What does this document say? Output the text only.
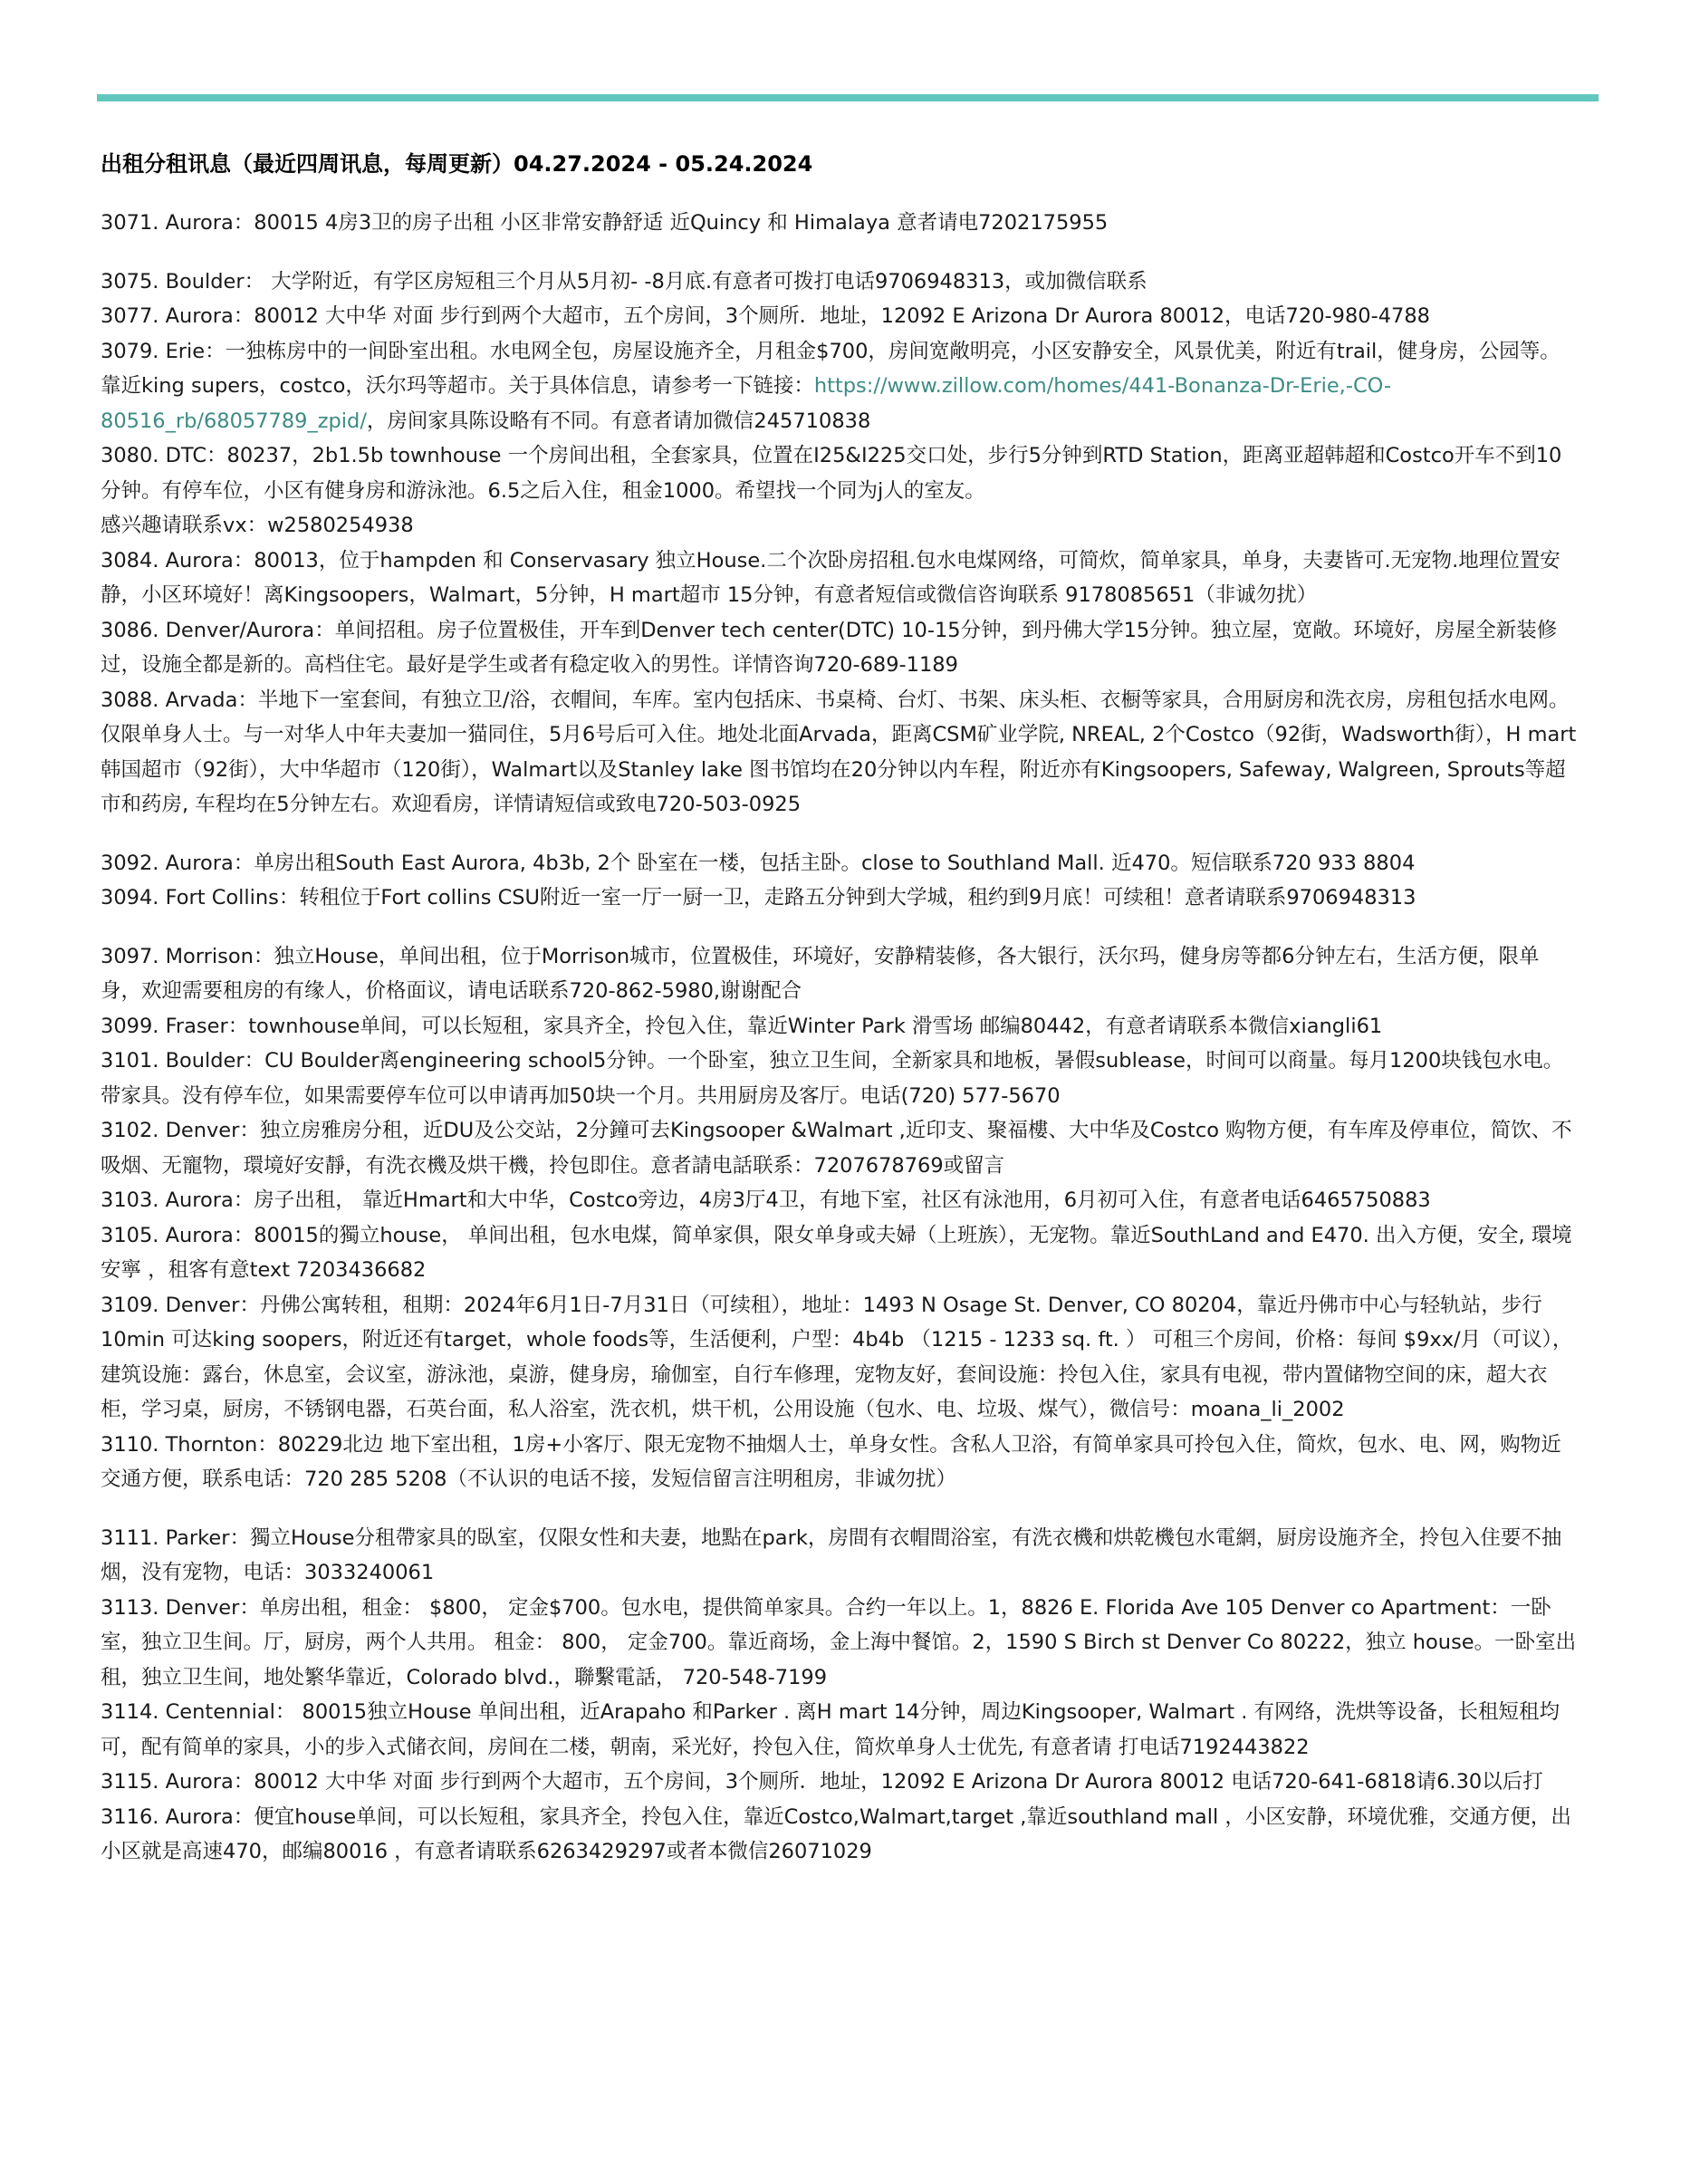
出租分租讯息（最近四周讯息，每周更新）04.27.2024 - 05.24.2024

3071. Aurora：80015 4房3卫的房子出租 小区非常安静舒适 近Quincy 和 Himalaya 意者请电7202175955

3075. Boulder： 大学附近，有学区房短租三个月从5月初- -8月底.有意者可拨打电话9706948313，或加微信联系

3077. Aurora：80012 大中华 对面 步行到两个大超市，五个房间，3个厕所．地址，12092 E Arizona Dr Aurora 80012，电话720-980-4788

3079. Erie：一独栋房中的一间卧室出租。水电网全包，房屋设施齐全，月租金$700，房间宽敞明亮，小区安静安全，风景优美，附近有trail，健身房，公园等。靠近king supers，costco，沃尔玛等超市。关于具体信息，请参考一下链接：https://www.zillow.com/homes/441-Bonanza-Dr-Erie,-CO-80516_rb/68057789_zpid/，房间家具陈设略有不同。有意者请加微信245710838

3080. DTC：80237，2b1.5b townhouse 一个房间出租，全套家具，位置在I25&I225交口处，步行5分钟到RTD Station，距离亚超韩超和Costco开车不到10分钟。有停车位，小区有健身房和游泳池。6.5之后入住，租金1000。希望找一个同为j人的室友。

感兴趣请联系vx：w2580254938

3084. Aurora：80013，位于hampden 和 Conservasary 独立House.二个次卧房招租.包水电煤网络，可简炊，简单家具，单身，夫妻皆可.无宠物.地理位置安静，小区环境好！离Kingsoopers，Walmart，5分钟，H mart超市 15分钟，有意者短信或微信咨询联系 9178085651（非诚勿扰）

3086. Denver/Aurora：单间招租。房子位置极佳，开车到Denver tech center(DTC) 10-15分钟，到丹佛大学15分钟。独立屋，宽敞。环境好，房屋全新装修过，设施全都是新的。高档住宅。最好是学生或者有稳定收入的男性。详情咨询720-689-1189

3088. Arvada：半地下一室套间，有独立卫/浴，衣帽间，车库。室内包括床、书桌椅、台灯、书架、床头柜、衣橱等家具，合用厨房和洗衣房，房租包括水电网。仅限单身人士。与一对华人中年夫妻加一猫同住，5月6号后可入住。地处北面Arvada，距离CSM矿业学院, NREAL, 2个Costco（92街，Wadsworth街），H mart韩国超市（92街），大中华超市（120街），Walmart以及Stanley lake 图书馆均在20分钟以内车程，附近亦有Kingsoopers, Safeway, Walgreen, Sprouts等超市和药房, 车程均在5分钟左右。欢迎看房，详情请短信或致电720-503-0925

3092. Aurora：单房出租South East Aurora, 4b3b, 2个 卧室在一楼，包括主卧。close to Southland Mall. 近470。短信联系720 933 8804

3094. Fort Collins：转租位于Fort collins CSU附近一室一厅一厨一卫，走路五分钟到大学城，租约到9月底！可续租！意者请联系9706948313

3097. Morrison：独立House，单间出租，位于Morrison城市，位置极佳，环境好，安静精装修，各大银行，沃尔玛，健身房等都6分钟左右，生活方便，限单身，欢迎需要租房的有缘人，价格面议，请电话联系720-862-5980,谢谢配合

3099. Fraser：townhouse单间，可以长短租，家具齐全，拎包入住，靠近Winter Park 滑雪场 邮编80442，有意者请联系本微信xiangli61

3101. Boulder：CU Boulder离engineering school5分钟。一个卧室，独立卫生间，全新家具和地板，暑假sublease，时间可以商量。每月1200块钱包水电。带家具。没有停车位，如果需要停车位可以申请再加50块一个月。共用厨房及客厅。电话(720) 577-5670

3102. Denver：独立房雅房分租，近DU及公交站，2分鐘可去Kingsooper &Walmart ,近印支、聚福樓、大中华及Costco 购物方便，有车库及停車位，简饮、不吸烟、无寵物，環境好安靜，有洗衣機及烘干機，拎包即住。意者請电話联系：7207678769或留言

3103. Aurora：房子出租， 靠近Hmart和大中华，Costco旁边，4房3厅4卫，有地下室，社区有泳池用，6月初可入住，有意者电话6465750883

3105. Aurora：80015的獨立house， 单间出租，包水电煤，简单家俱，限女单身或夫婦（上班族），无宠物。靠近SouthLand and E470. 出入方便，安全, 環境安寧 ，租客有意text 7203436682

3109. Denver：丹佛公寓转租，租期：2024年6月1日-7月31日（可续租），地址：1493 N Osage St. Denver, CO 80204，靠近丹佛市中心与轻轨站，步行10min 可达king soopers，附近还有target，whole foods等，生活便利，户型：4b4b （1215 - 1233 sq. ft. ） 可租三个房间，价格：每间 $9xx/月（可议），建筑设施：露台，休息室，会议室，游泳池，桌游，健身房，瑜伽室，自行车修理，宠物友好，套间设施：拎包入住，家具有电视，带内置储物空间的床，超大衣柜，学习桌，厨房，不锈钢电器，石英台面，私人浴室，洗衣机，烘干机，公用设施（包水、电、垃圾、煤气），微信号：moana_li_2002

3110. Thornton：80229北边 地下室出租，1房+小客厅、限无宠物不抽烟人士，单身女性。含私人卫浴，有简单家具可拎包入住，简炊，包水、电、网，购物近交通方便，联系电话：720 285 5208（不认识的电话不接，发短信留言注明租房，非诚勿扰）

3111. Parker：獨立House分租帶家具的臥室，仅限女性和夫妻，地點在park，房間有衣帽間浴室，有洗衣機和烘乾機包水電網，厨房设施齐全，拎包入住要不抽烟，没有宠物，电话：3033240061

3113. Denver：单房出租，租金： $800， 定金$700。包水电，提供简单家具。合约一年以上。1，8826 E. Florida Ave 105 Denver co Apartment：一卧室，独立卫生间。厅，厨房，两个人共用。 租金： 800， 定金700。靠近商场，金上海中餐馆。2，1590 S Birch st Denver Co 80222，独立 house。一卧室出租，独立卫生间，地处繁华靠近，Colorado blvd.，聯繫電話， 720-548-7199

3114. Centennial： 80015独立House 单间出租，近Arapaho 和Parker . 离H mart 14分钟，周边Kingsooper, Walmart . 有网络，洗烘等设备，长租短租均可，配有简单的家具，小的步入式储衣间，房间在二楼，朝南，采光好，拎包入住，简炊单身人士优先, 有意者请 打电话7192443822

3115. Aurora：80012 大中华 对面 步行到两个大超市，五个房间，3个厕所．地址，12092 E Arizona Dr Aurora 80012 电话720-641-6818请6.30以后打

3116. Aurora：便宜house单间，可以长短租，家具齐全，拎包入住，靠近Costco,Walmart,target ,靠近southland mall ，小区安静，环境优雅，交通方便，出小区就是高速470，邮编80016 ，有意者请联系6263429297或者本微信26071029
